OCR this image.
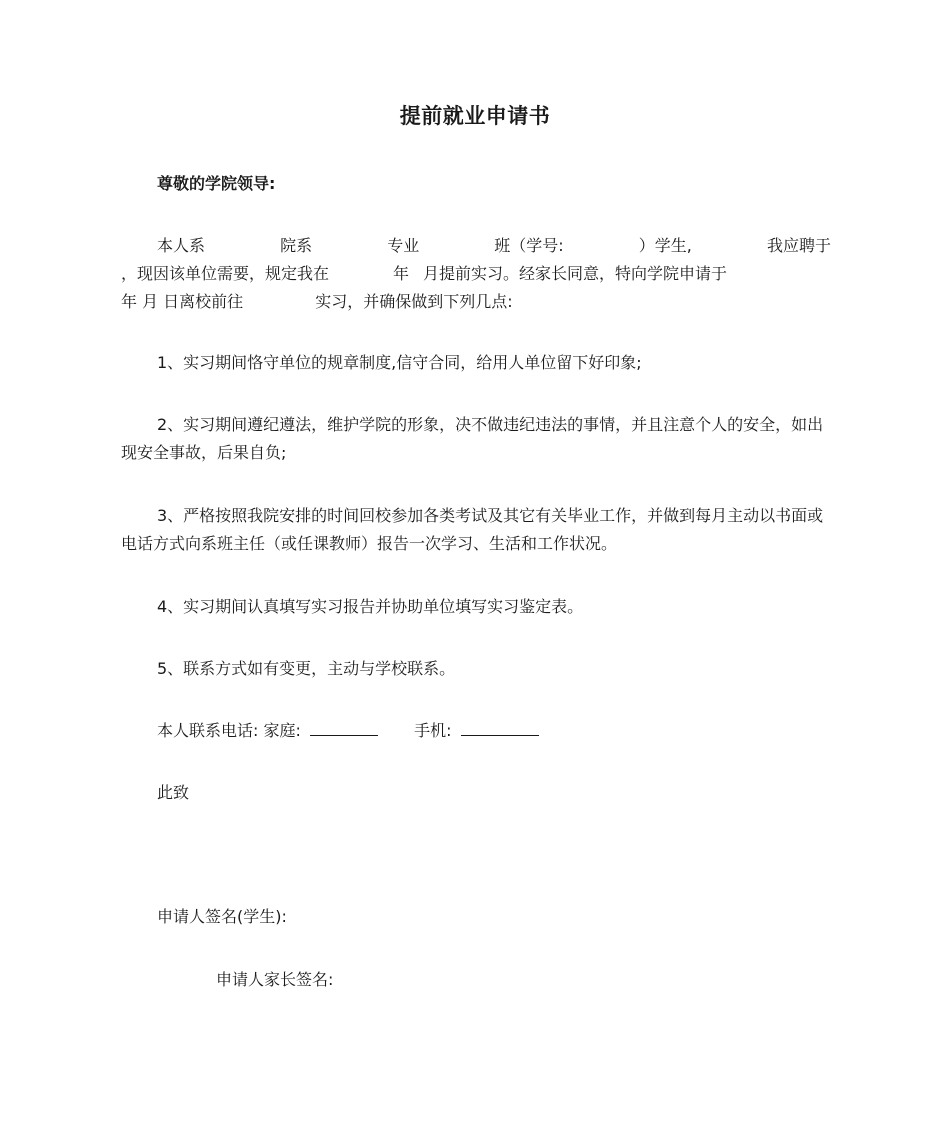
提前就业申请书
尊敬的学院领导:
本人系	院系	专业	班（学号:	）学生,	我应聘于
，现因该单位需要，规定我在	年 月提前实习。经家长同意，特向学院申请于
年 月 日离校前往	实习，并确保做到下列几点:
1、实习期间恪守单位的规章制度,信守合同，给用人单位留下好印象;
2、实习期间遵纪遵法，维护学院的形象，决不做违纪违法的事情，并且注意个人的安全，如出现安全事故，后果自负;
3、严格按照我院安排的时间回校参加各类考试及其它有关毕业工作，并做到每月主动以书面或电话方式向系班主任（或任课教师）报告一次学习、生活和工作状况。
4、实习期间认真填写实习报告并协助单位填写实习鉴定表。
5、联系方式如有变更，主动与学校联系。
本人联系电话: 家庭:	手机:
此致
申请人签名(学生):
申请人家长签名:
